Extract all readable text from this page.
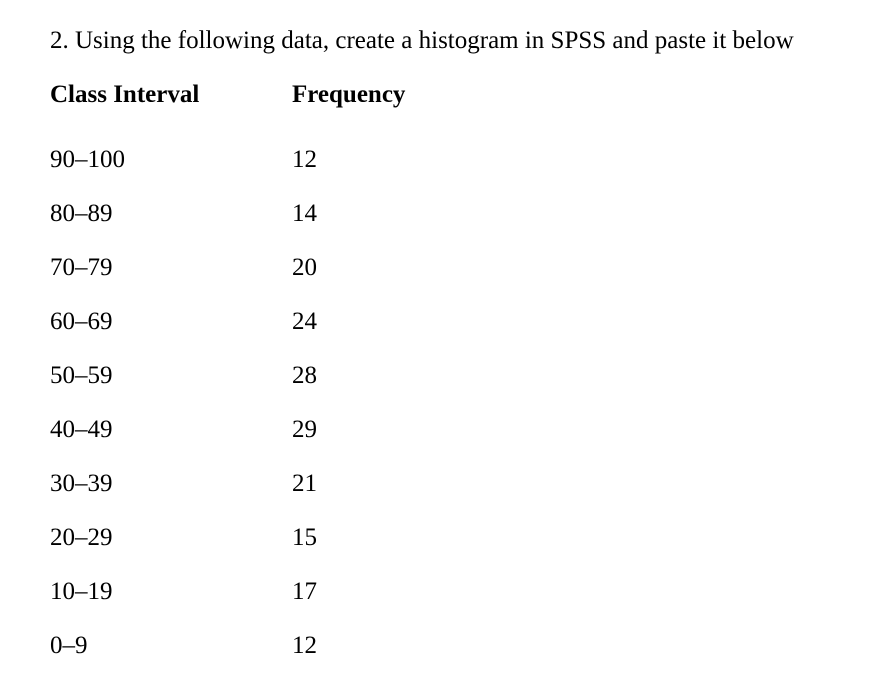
2. Using the following data, create a histogram in SPSS and paste it below
Class Interval	Frequency
90–100	12
80–89	14
70–79	20
60–69	24
50–59	28
40–49	29
30–39	21
20–29	15
10–19	17
0–9	12
